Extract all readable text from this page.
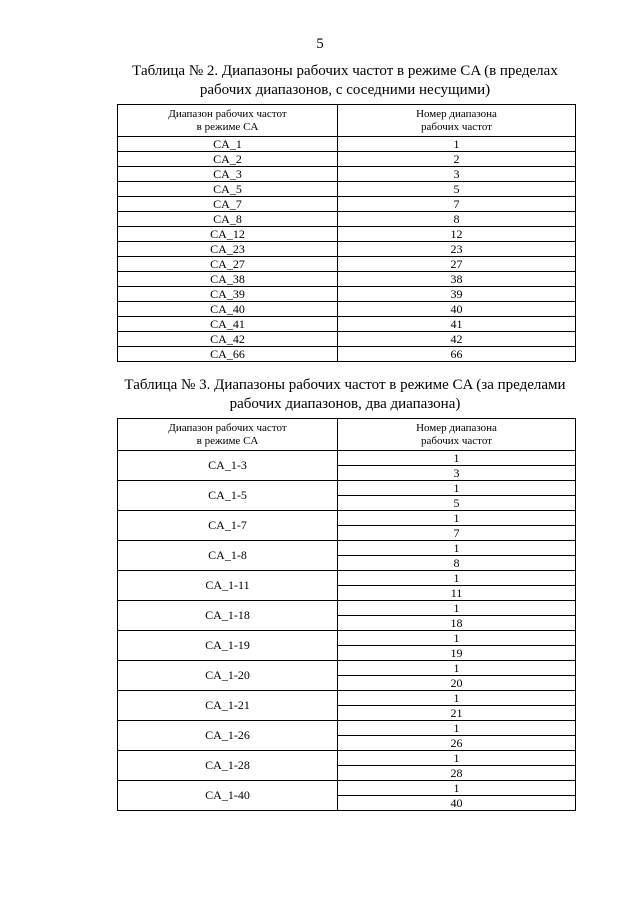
5
Таблица № 2. Диапазоны рабочих частот в режиме CA (в пределах рабочих диапазонов, с соседними несущими)
Диапазон рабочих частот
в режиме CA	Номер диапазона
рабочих частот
CA_1	1
CA_2	2
CA_3	3
CA_5	5
CA_7	7
CA_8	8
CA_12	12
CA_23	23
CA_27	27
CA_38	38
CA_39	39
CA_40	40
CA_41	41
CA_42	42
CA_66	66
Таблица № 3. Диапазоны рабочих частот в режиме CA (за пределами рабочих диапазонов, два диапазона)
Диапазон рабочих частот
в режиме CA	Номер диапазона
рабочих частот
CA_1-3	1
	3
CA_1-5	1
	5
CA_1-7	1
	7
CA_1-8	1
	8
CA_1-11	1
	11
CA_1-18	1
	18
CA_1-19	1
	19
CA_1-20	1
	20
CA_1-21	1
	21
CA_1-26	1
	26
CA_1-28	1
	28
CA_1-40	1
	40
